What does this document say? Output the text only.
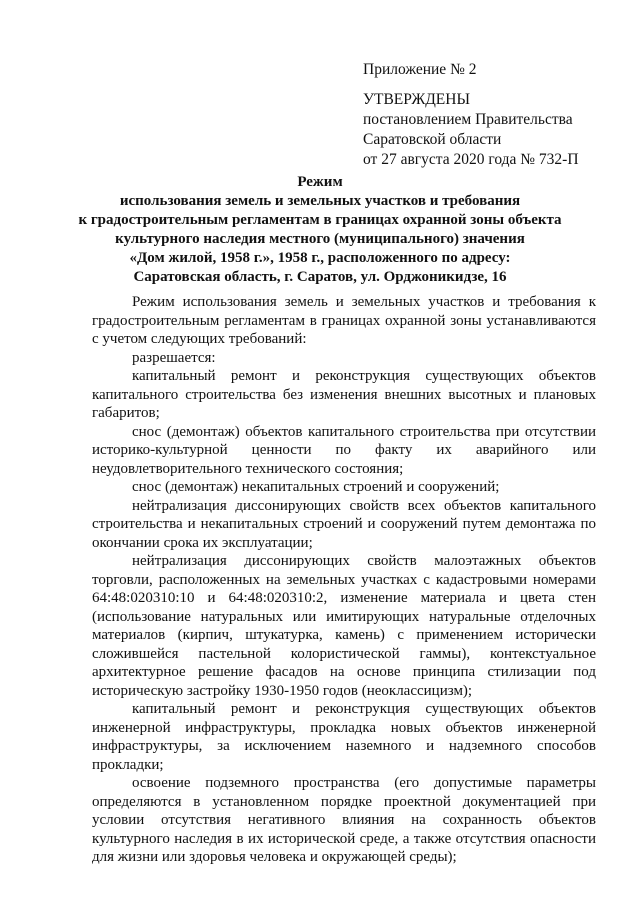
Приложение № 2
УТВЕРЖДЕНЫ
постановлением Правительства
Саратовской области
от 27 августа 2020 года № 732-П
Режим
использования земель и земельных участков и требования
к градостроительным регламентам в границах охранной зоны объекта
культурного наследия местного (муниципального) значения
«Дом жилой, 1958 г.», 1958 г., расположенного по адресу:
Саратовская область, г. Саратов, ул. Орджоникидзе, 16

Режим использования земель и земельных участков и требования к градостроительным регламентам в границах охранной зоны устанавливаются с учетом следующих требований:

разрешается:

капитальный ремонт и реконструкция существующих объектов капитального строительства без изменения внешних высотных и плановых габаритов;

снос (демонтаж) объектов капитального строительства при отсутствии историко-культурной ценности по факту их аварийного или неудовлетворительного технического состояния;

снос (демонтаж) некапитальных строений и сооружений;

нейтрализация диссонирующих свойств всех объектов капитального строительства и некапитальных строений и сооружений путем демонтажа по окончании срока их эксплуатации;

нейтрализация диссонирующих свойств малоэтажных объектов торговли, расположенных на земельных участках с кадастровыми номерами 64:48:020310:10 и 64:48:020310:2, изменение материала и цвета стен (использование натуральных или имитирующих натуральные отделочных материалов (кирпич, штукатурка, камень) с применением исторически сложившейся пастельной колористической гаммы), контекстуальное архитектурное решение фасадов на основе принципа стилизации под историческую застройку 1930-1950 годов (неоклассицизм);

капитальный ремонт и реконструкция существующих объектов инженерной инфраструктуры, прокладка новых объектов инженерной инфраструктуры, за исключением наземного и надземного способов прокладки;

освоение подземного пространства (его допустимые параметры определяются в установленном порядке проектной документацией при условии отсутствия негативного влияния на сохранность объектов культурного наследия в их исторической среде, а также отсутствия опасности для жизни или здоровья человека и окружающей среды);
